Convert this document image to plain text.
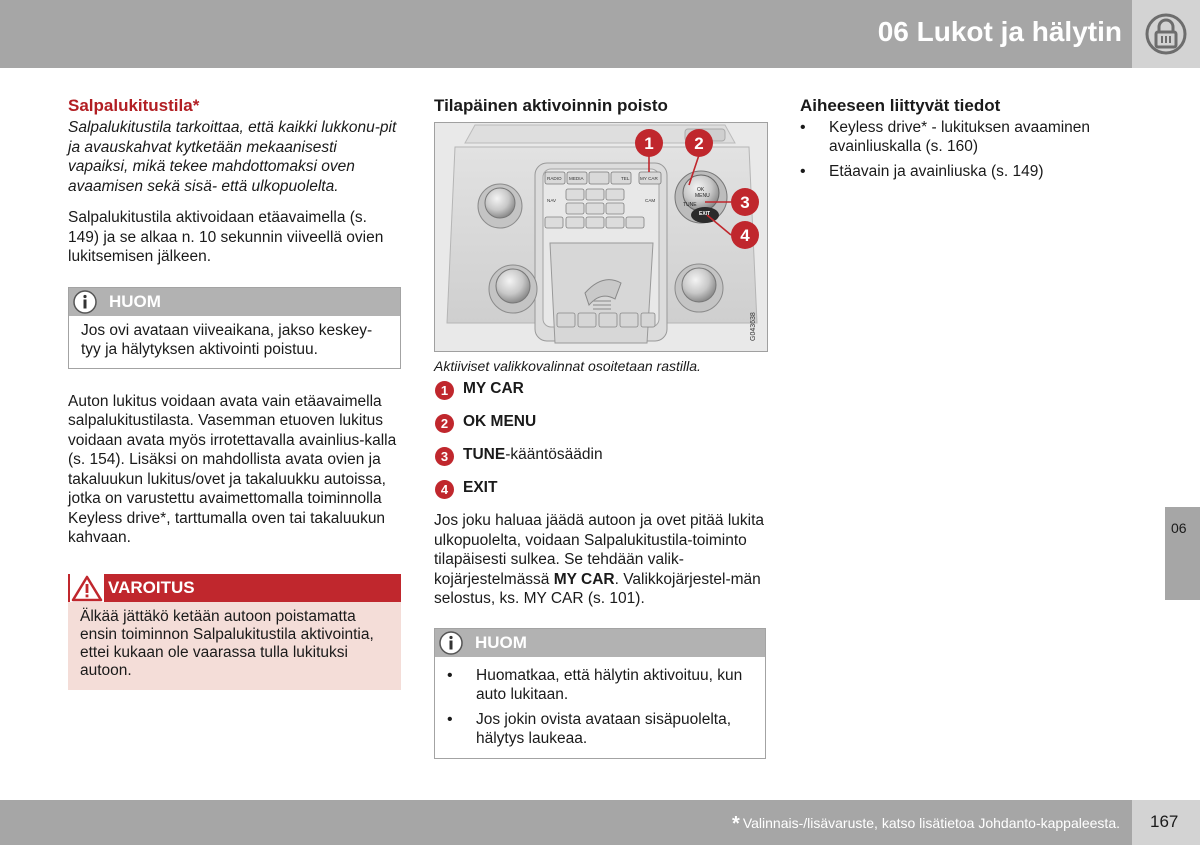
06 Lukot ja hälytin
Salpalukitustila*
Salpalukitustila tarkoittaa, että kaikki lukkonu-pit ja avauskahvat kytketään mekaanisesti vapaiksi, mikä tekee mahdottomaksi oven avaamisen sekä sisä- että ulkopuolelta.
Salpalukitustila aktivoidaan etäavaimella (s. 149) ja se alkaa n. 10 sekunnin viiveellä ovien lukitsemisen jälkeen.
HUOM
Jos ovi avataan viiveaikana, jakso keskey-tyy ja hälytyksen aktivointi poistuu.
Auton lukitus voidaan avata vain etäavaimella salpalukitustilasta. Vasemman etuoven lukitus voidaan avata myös irrotettavalla avainlius-kalla (s. 154). Lisäksi on mahdollista avata ovien ja takaluukun lukitus/ovet ja takaluukku autoissa, jotka on varustettu avaimettomalla toiminnolla Keyless drive*, tarttumalla oven tai takaluukun kahvaan.
VAROITUS
Älkää jättäkö ketään autoon poistamatta ensin toiminnon Salpalukitustila aktivointia, ettei kukaan ole vaarassa tulla lukituksi autoon.
Tilapäinen aktivoinnin poisto
RADIO MEDIA	TEL MY CAR
NAV	CAM
OK
MENU
TUNE
EXIT
1 2
3
4
G043638
Aktiiviset valikkovalinnat osoitetaan rastilla.
1 MY CAR
2 OK MENU
3 TUNE-kääntösäädin
4 EXIT
Jos joku haluaa jäädä autoon ja ovet pitää lukita ulkopuolelta, voidaan Salpalukitustila-toiminto tilapäisesti sulkea. Se tehdään valik-kojärjestelmässä MY CAR. Valikkojärjestel-män selostus, ks. MY CAR (s. 101).
HUOM
• Huomatkaa, että hälytin aktivoituu, kun auto lukitaan.
• Jos jokin ovista avataan sisäpuolelta, hälytys laukeaa.
Aiheeseen liittyvät tiedot
• Keyless drive* - lukituksen avaaminen avainliuskalla (s. 160)
• Etäavain ja avainliuska (s. 149)
06
* Valinnais-/lisävaruste, katso lisätietoa Johdanto-kappaleesta. 167
